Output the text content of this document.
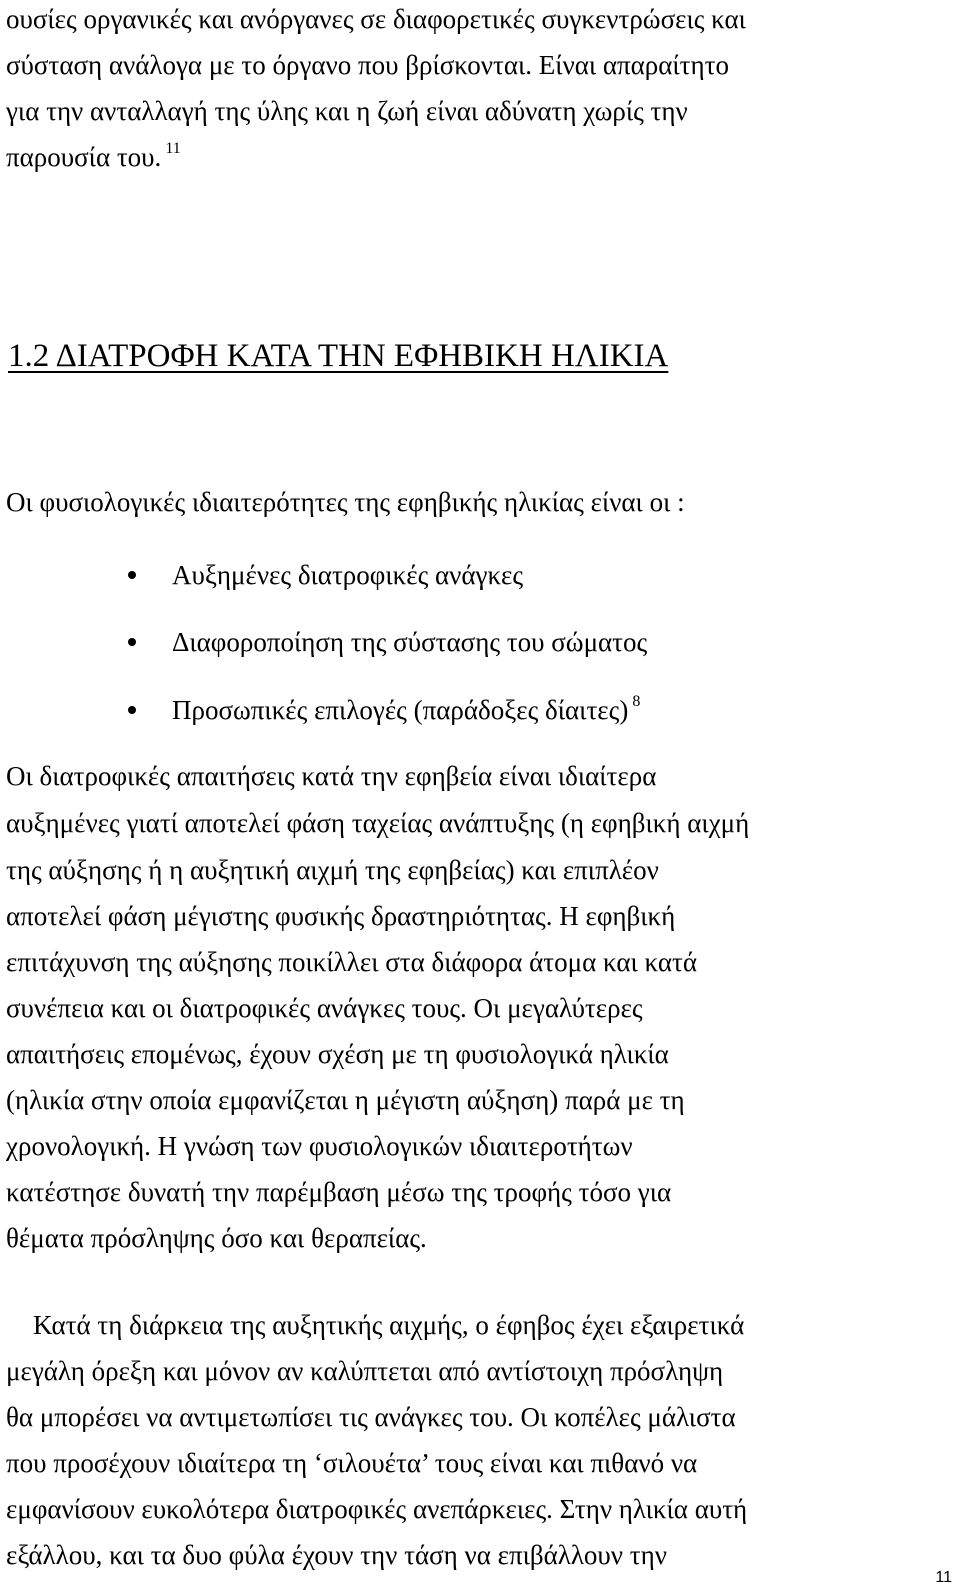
ουσίες οργανικές και ανόργανες σε διαφορετικές συγκεντρώσεις και
σύσταση ανάλογα με το όργανο που βρίσκονται. Είναι απαραίτητο
για την ανταλλαγή της ύλης και η ζωή είναι αδύνατη χωρίς την
παρουσία του. $^{11}$
1.2 ΔΙΑΤΡΟΦΗ ΚΑΤΑ ΤΗΝ ΕΦΗΒΙΚΗ ΗΛΙΚΙΑ
Οι φυσιολογικές ιδιαιτερότητες της εφηβικής ηλικίας είναι οι :
Αυξημένες διατροφικές ανάγκες
Διαφοροποίηση της σύστασης του σώματος
Προσωπικές επιλογές (παράδοξες δίαιτες) $^8$
Οι διατροφικές απαιτήσεις κατά την εφηβεία είναι ιδιαίτερα
αυξημένες γιατί αποτελεί φάση ταχείας ανάπτυξης (η εφηβική αιχμή
της αύξησης ή η αυξητική αιχμή της εφηβείας) και επιπλέον
αποτελεί φάση μέγιστης φυσικής δραστηριότητας. Η εφηβική
επιτάχυνση της αύξησης ποικίλλει στα διάφορα άτομα και κατά
συνέπεια και οι διατροφικές ανάγκες τους. Οι μεγαλύτερες
απαιτήσεις επομένως, έχουν σχέση με τη φυσιολογικά ηλικία
(ηλικία στην οποία εμφανίζεται η μέγιστη αύξηση) παρά με τη
χρονολογική. Η γνώση των φυσιολογικών ιδιαιτεροτήτων
κατέστησε δυνατή την παρέμβαση μέσω της τροφής τόσο για
θέματα πρόσληψης όσο και θεραπείας.
Κατά τη διάρκεια της αυξητικής αιχμής, ο έφηβος έχει εξαιρετικά
μεγάλη όρεξη και μόνον αν καλύπτεται από αντίστοιχη πρόσληψη
θα μπορέσει να αντιμετωπίσει τις ανάγκες του. Οι κοπέλες μάλιστα
που προσέχουν ιδιαίτερα τη ‘σιλουέτα’ τους είναι και πιθανό να
εμφανίσουν ευκολότερα διατροφικές ανεπάρκειες. Στην ηλικία αυτή
εξάλλου, και τα δυο φύλα έχουν την τάση να επιβάλλουν την
11
